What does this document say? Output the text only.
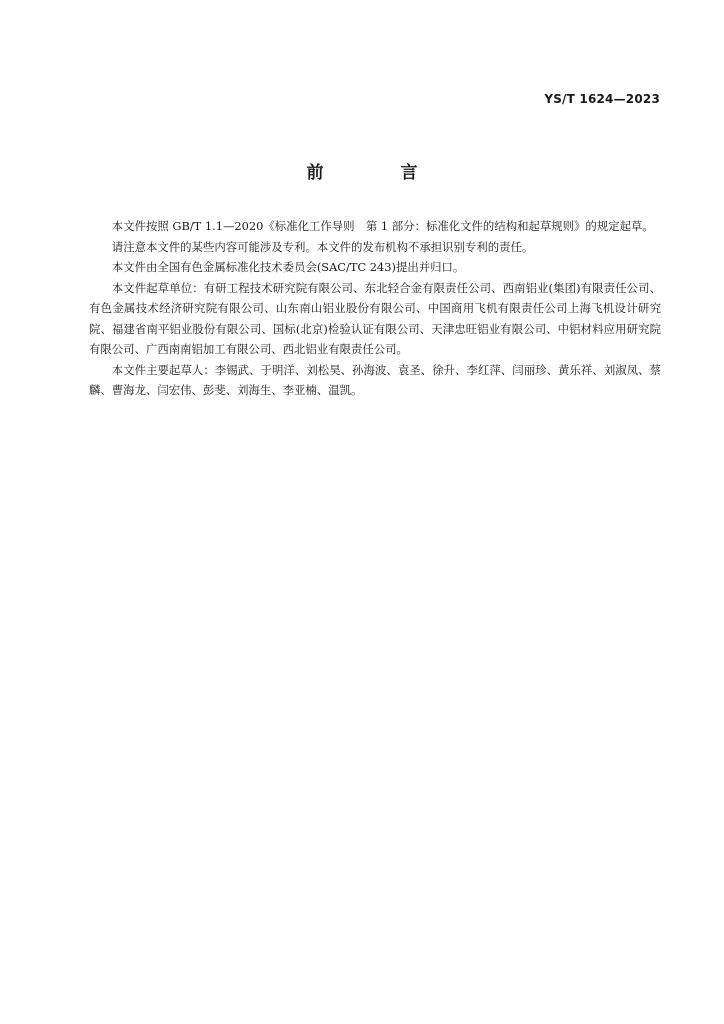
YS/T 1624—2023
前　言

本文件按照 GB/T 1.1—2020《标准化工作导则　第 1 部分：标准化文件的结构和起草规则》的规定起草。

请注意本文件的某些内容可能涉及专利。本文件的发布机构不承担识别专利的责任。

本文件由全国有色金属标准化技术委员会(SAC/TC 243)提出并归口。

本文件起草单位：有研工程技术研究院有限公司、东北轻合金有限责任公司、西南铝业(集团)有限责任公司、有色金属技术经济研究院有限公司、山东南山铝业股份有限公司、中国商用飞机有限责任公司上海飞机设计研究院、福建省南平铝业股份有限公司、国标(北京)检验认证有限公司、天津忠旺铝业有限公司、中铝材料应用研究院有限公司、广西南南铝加工有限公司、西北铝业有限责任公司。

本文件主要起草人：李锡武、于明洋、刘松昊、孙海波、袁圣、徐升、李红萍、闫丽珍、黄乐祥、刘淑凤、蔡麟、曹海龙、闫宏伟、彭斐、刘海生、李亚楠、温凯。
